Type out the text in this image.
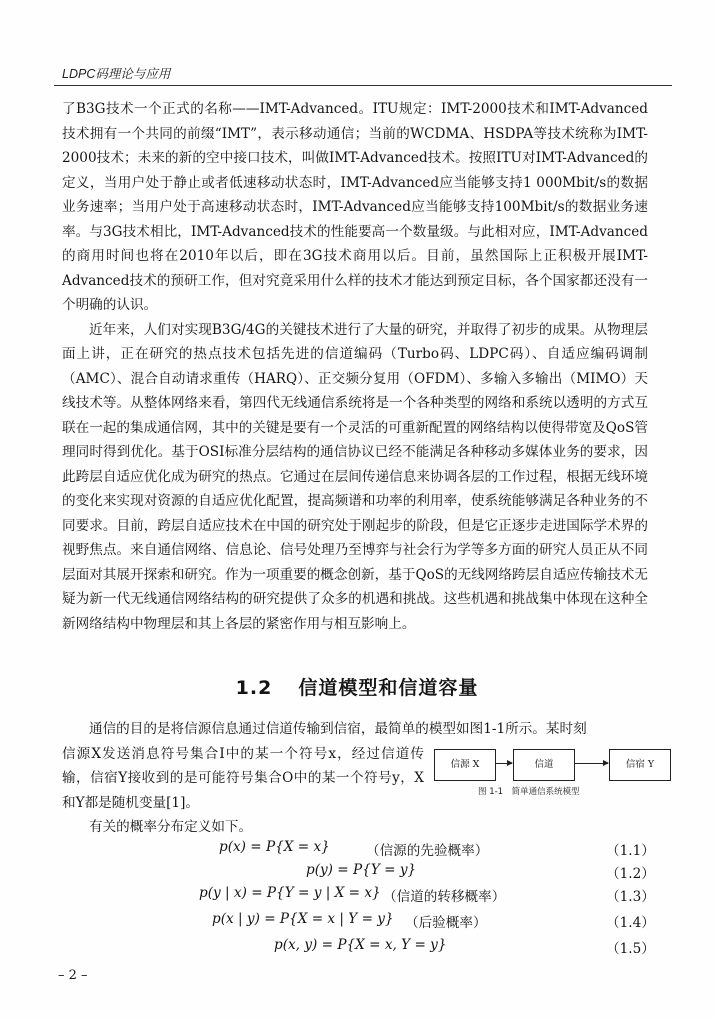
LDPC码理论与应用

了B3G技术一个正式的名称——IMT-Advanced。ITU规定：IMT-2000技术和IMT-Advanced技术拥有一个共同的前缀“IMT”，表示移动通信；当前的WCDMA、HSDPA等技术统称为IMT-2000技术；未来的新的空中接口技术，叫做IMT-Advanced技术。按照ITU对IMT-Advanced的定义，当用户处于静止或者低速移动状态时，IMT-Advanced应当能够支持1 000Mbit/s的数据业务速率；当用户处于高速移动状态时，IMT-Advanced应当能够支持100Mbit/s的数据业务速率。与3G技术相比，IMT-Advanced技术的性能要高一个数量级。与此相对应，IMT-Advanced的商用时间也将在2010年以后，即在3G技术商用以后。目前，虽然国际上正积极开展IMT-Advanced技术的预研工作，但对究竟采用什么样的技术才能达到预定目标，各个国家都还没有一个明确的认识。

近年来，人们对实现B3G/4G的关键技术进行了大量的研究，并取得了初步的成果。从物理层面上讲，正在研究的热点技术包括先进的信道编码（Turbo码、LDPC码）、自适应编码调制（AMC）、混合自动请求重传（HARQ）、正交频分复用（OFDM）、多输入多输出（MIMO）天线技术等。从整体网络来看，第四代无线通信系统将是一个各种类型的网络和系统以透明的方式互联在一起的集成通信网，其中的关键是要有一个灵活的可重新配置的网络结构以使得带宽及QoS管理同时得到优化。基于OSI标准分层结构的通信协议已经不能满足各种移动多媒体业务的要求，因此跨层自适应优化成为研究的热点。它通过在层间传递信息来协调各层的工作过程，根据无线环境的变化来实现对资源的自适应优化配置，提高频谱和功率的利用率，使系统能够满足各种业务的不同要求。目前，跨层自适应技术在中国的研究处于刚起步的阶段，但是它正逐步走进国际学术界的视野焦点。来自通信网络、信息论、信号处理乃至博弈与社会行为学等多方面的研究人员正从不同层面对其展开探索和研究。作为一项重要的概念创新，基于QoS的无线网络跨层自适应传输技术无疑为新一代无线通信网络结构的研究提供了众多的机遇和挑战。这些机遇和挑战集中体现在这种全新网络结构中物理层和其上各层的紧密作用与相互影响上。

1.2 信道模型和信道容量

通信的目的是将信源信息通过信道传输到信宿，最简单的模型如图1-1所示。某时刻

信源X发送消息符号集合I中的某一个符号x，经过信道传输，信宿Y接收到的是可能符号集合O中的某一个符号y，X和Y都是随机变量[1]。

有关的概率分布定义如下。

信源 X	信道	信宿 Y
图 1-1　简单通信系统模型
p(x) = P{X = x}	（信源的先验概率）	（1.1）
p(y) = P{Y = y}	（1.2）
p(y | x) = P{Y = y | X = x} （信道的转移概率）	（1.3）
p(x | y) = P{X = x | Y = y} （后验概率）	（1.4）
p(x, y) = P{X = x, Y = y}	（1.5）
– 2 –
